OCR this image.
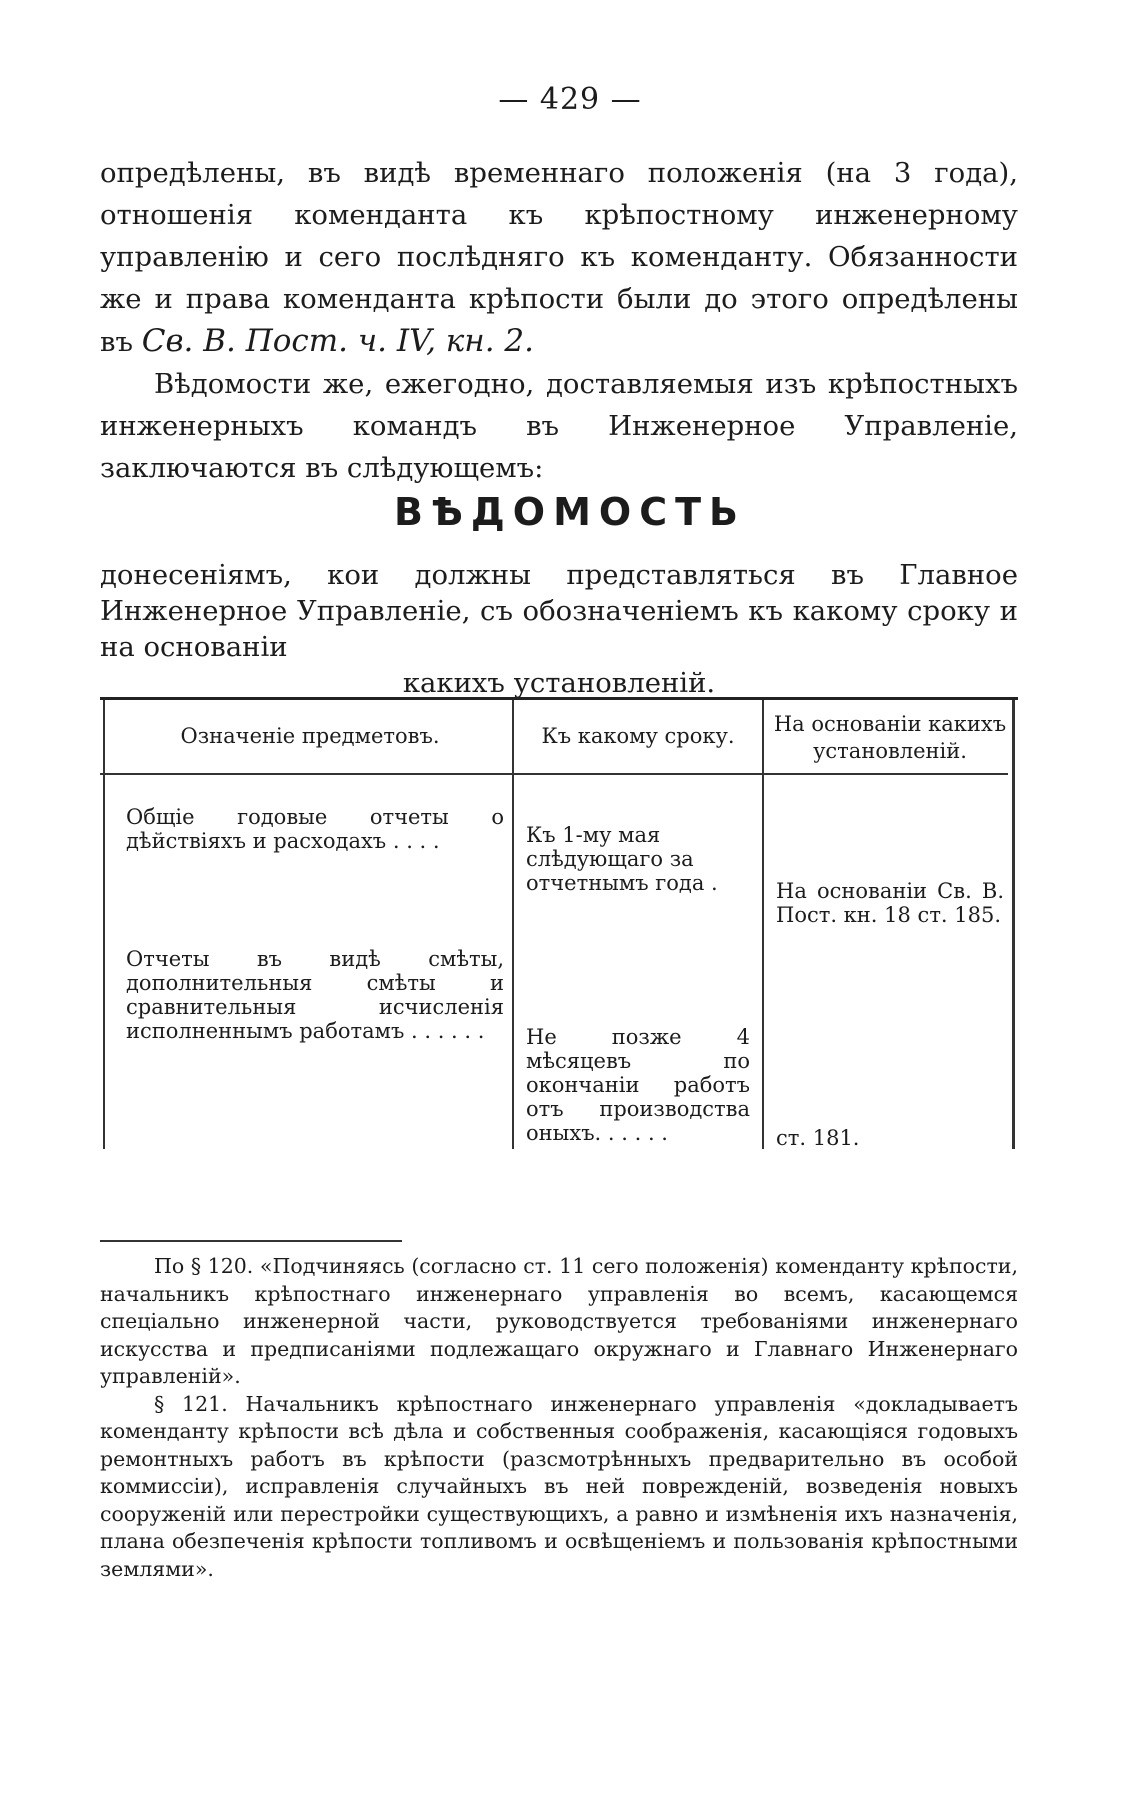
— 429 —

опредѣлены, въ видѣ временнаго положенія (на 3 года), отношенія коменданта къ крѣпостному инженерному управленію и сего послѣдняго къ коменданту. Обязанности же и права коменданта крѣпости были до этого опредѣлены въ Св. В. Пост. ч. IV, кн. 2.

Вѣдомости же, ежегодно, доставляемыя изъ крѣпостныхъ инженерныхъ командъ въ Инженерное Управленіе, заключаются въ слѣдующемъ:

ВѢДОМОСТЬ
донесеніямъ, кои должны представляться въ Главное Инженерное Управленіе, съ обозначеніемъ къ какому сроку и на основаніи
какихъ установленій.
Означеніе предметовъ.	Къ какому сроку.	На основаніи какихъ установленій.
Общіе годовые отчеты о дѣйствіяхъ и расходахъ . . . .	Къ 1-му мая слѣдующаго за отчетнымъ года .	На основаніи Св. В. Пост. кн. 18 ст. 185.
Отчеты въ видѣ смѣты, дополнительныя смѣты и сравнительныя исчисленія исполненнымъ работамъ . . . . . .	Не позже 4 мѣсяцевъ по окончаніи работъ отъ производства оныхъ. . . . . .	ст. 181.

По § 120. «Подчиняясь (согласно ст. 11 сего положенія) коменданту крѣпости, начальникъ крѣпостнаго инженернаго управленія во всемъ, касающемся спеціально инженерной части, руководствуется требованіями инженернаго искусства и предписаніями подлежащаго окружнаго и Главнаго Инженернаго управленій».

§ 121. Начальникъ крѣпостнаго инженернаго управленія «докладываетъ коменданту крѣпости всѣ дѣла и собственныя соображенія, касающіяся годовыхъ ремонтныхъ работъ въ крѣпости (разсмотрѣнныхъ предварительно въ особой коммиссіи), исправленія случайныхъ въ ней поврежденій, возведенія новыхъ сооруженій или перестройки существующихъ, а равно и измѣненія ихъ назначенія, плана обезпеченія крѣпости топливомъ и освѣщеніемъ и пользованія крѣпостными землями».
